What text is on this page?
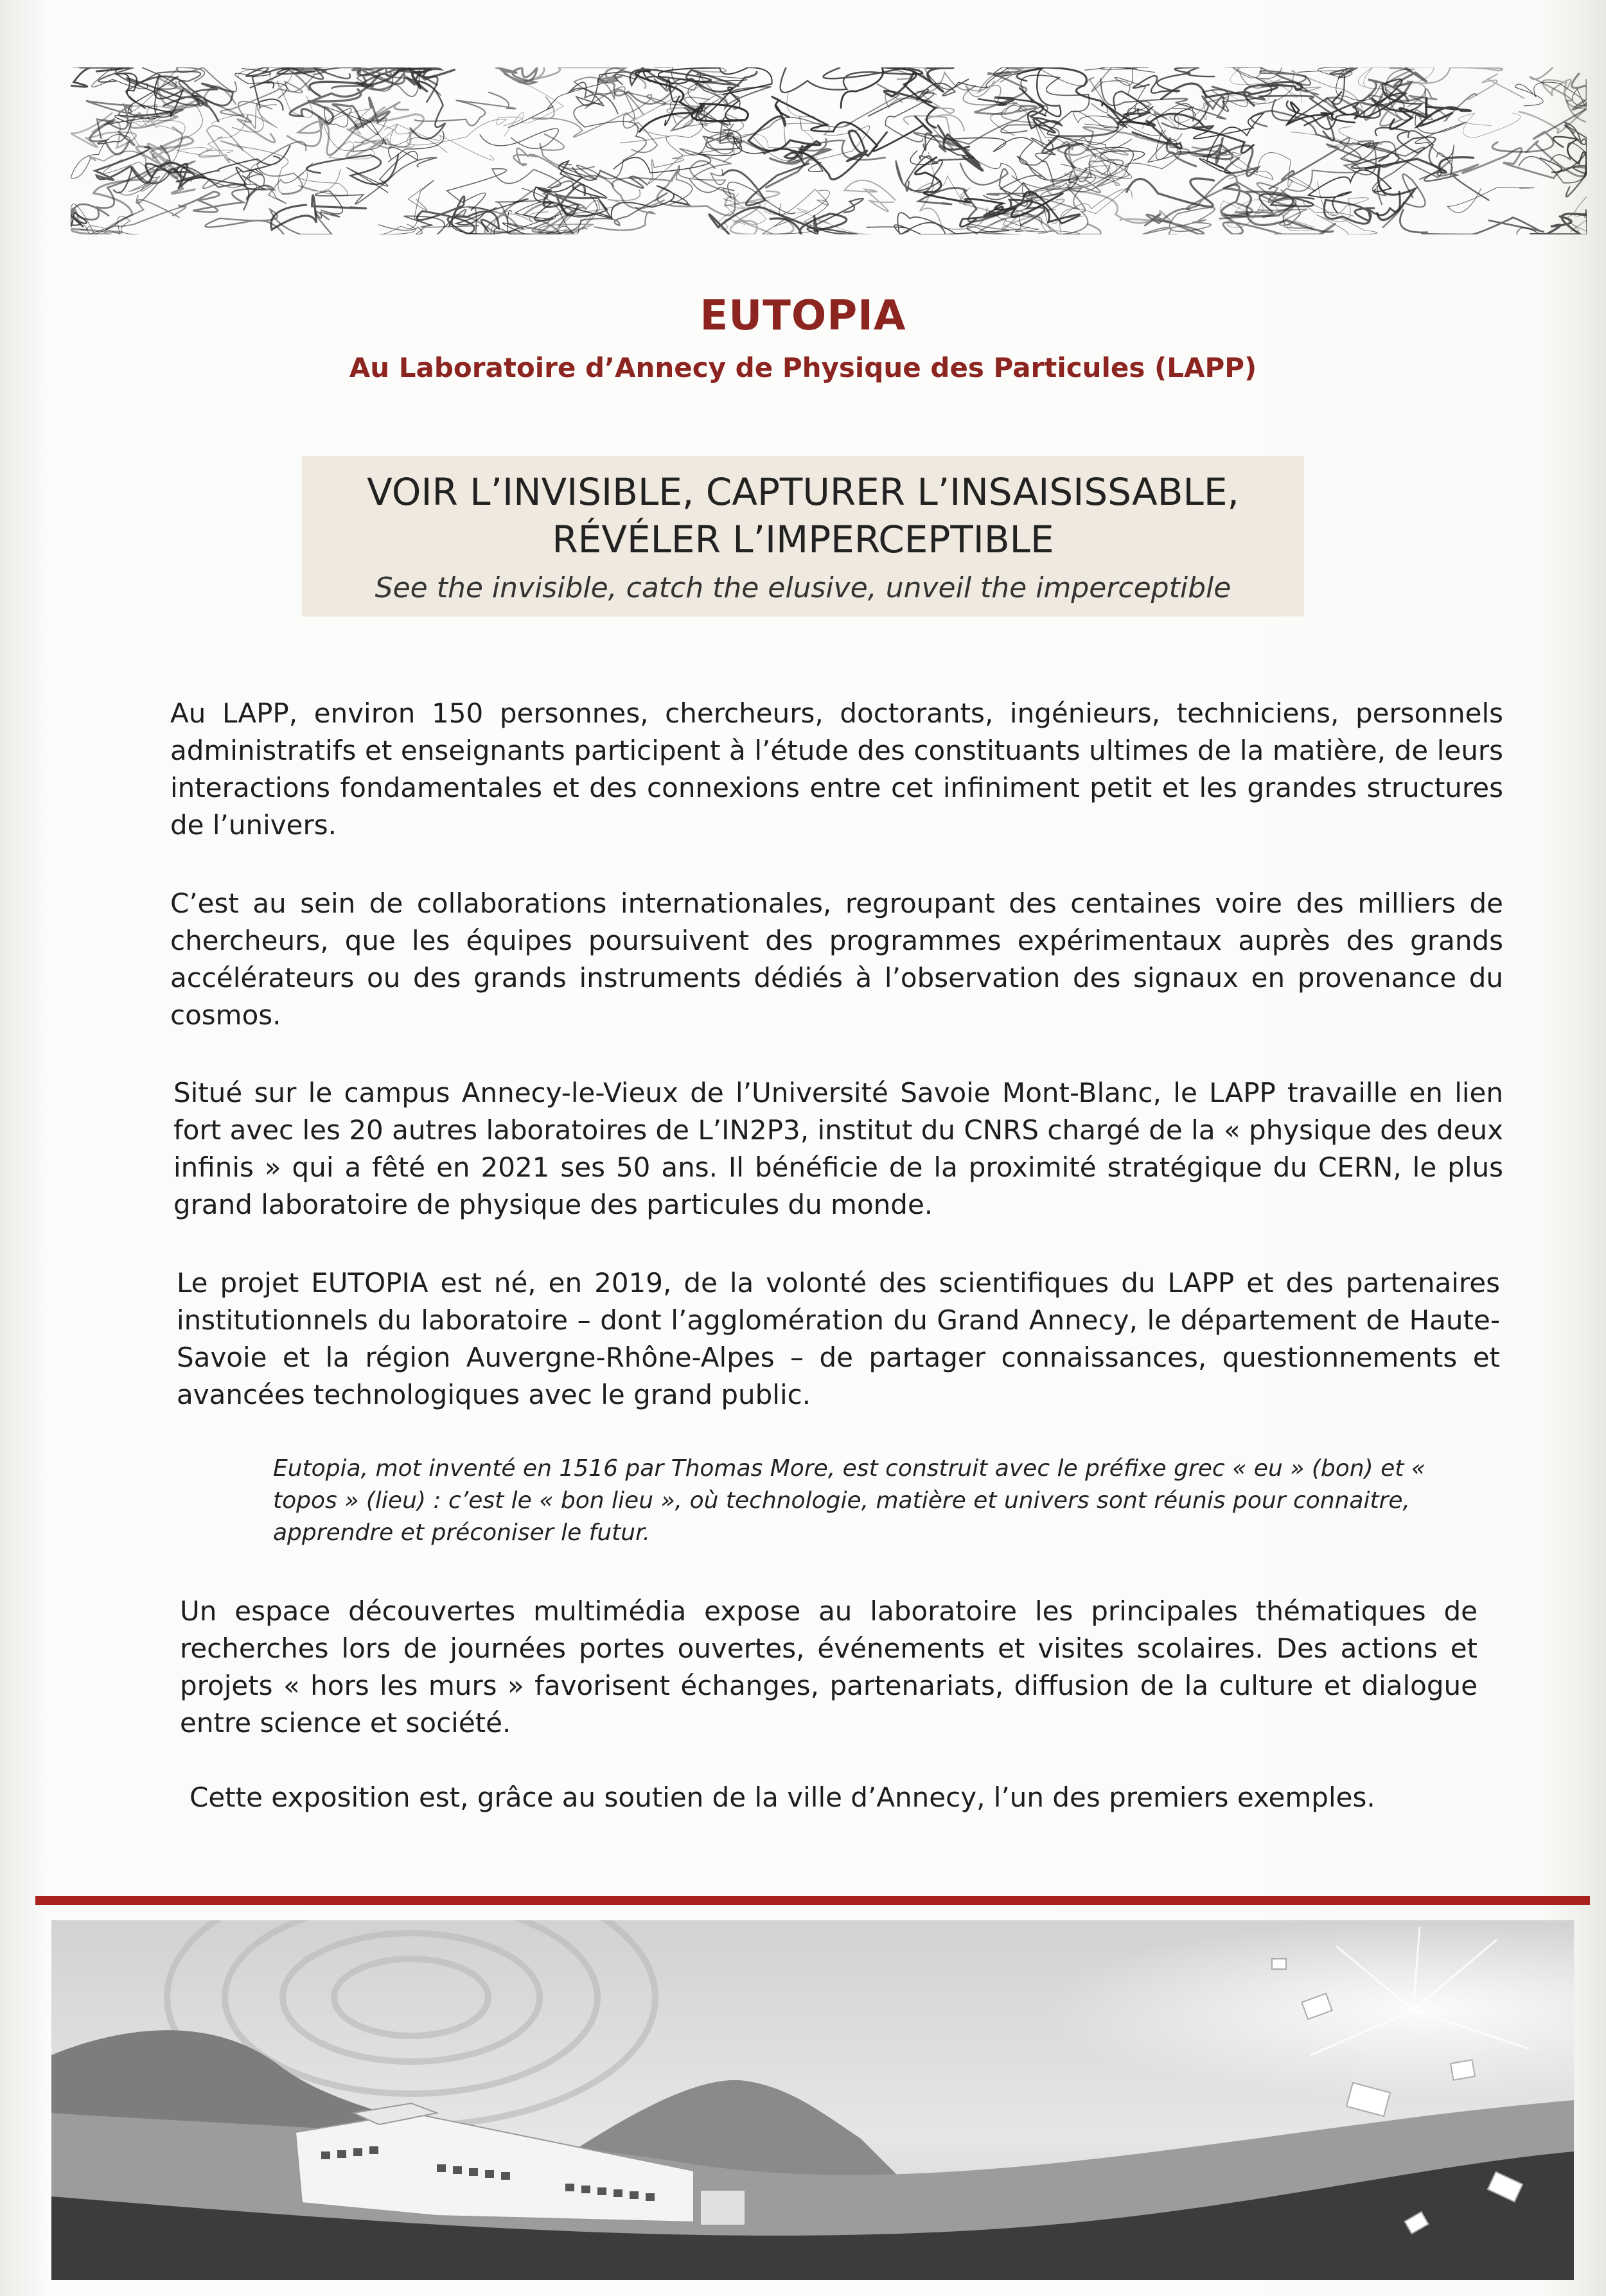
EUTOPIA
Au Laboratoire d’Annecy de Physique des Particules (LAPP)
VOIR L’INVISIBLE, CAPTURER L’INSAISISSABLE,
RÉVÉLER L’IMPERCEPTIBLE
See the invisible, catch the elusive, unveil the imperceptible

Au LAPP, environ 150 personnes, chercheurs, doctorants, ingénieurs, techniciens, personnels administratifs et enseignants participent à l’étude des constituants ultimes de la matière, de leurs interactions fondamentales et des connexions entre cet infiniment petit et les grandes structures de l’univers.

C’est au sein de collaborations internationales, regroupant des centaines voire des milliers de chercheurs, que les équipes poursuivent des programmes expérimentaux auprès des grands accélérateurs ou des grands instruments dédiés à l’observation des signaux en provenance du cosmos.

Situé sur le campus Annecy-le-Vieux de l’Université Savoie Mont-Blanc, le LAPP travaille en lien fort avec les 20 autres laboratoires de L’IN2P3, institut du CNRS chargé de la « physique des deux infinis » qui a fêté en 2021 ses 50 ans. Il bénéficie de la proximité stratégique du CERN, le plus grand laboratoire de physique des particules du monde.

Le projet EUTOPIA est né, en 2019, de la volonté des scientifiques du LAPP et des partenaires institutionnels du laboratoire – dont l’agglomération du Grand Annecy, le département de Haute-Savoie et la région Auvergne-Rhône-Alpes – de partager connaissances, questionnements et avancées technologiques avec le grand public.

Eutopia, mot inventé en 1516 par Thomas More, est construit avec le préfixe grec « eu » (bon) et « topos » (lieu) : c’est le « bon lieu », où technologie, matière et univers sont réunis pour connaitre, apprendre et préconiser le futur.

Un espace découvertes multimédia expose au laboratoire les principales thématiques de recherches lors de journées portes ouvertes, événements et visites scolaires. Des actions et projets « hors les murs » favorisent échanges, partenariats, diffusion de la culture et dialogue entre science et société.

Cette exposition est, grâce au soutien de la ville d’Annecy, l’un des premiers exemples.
